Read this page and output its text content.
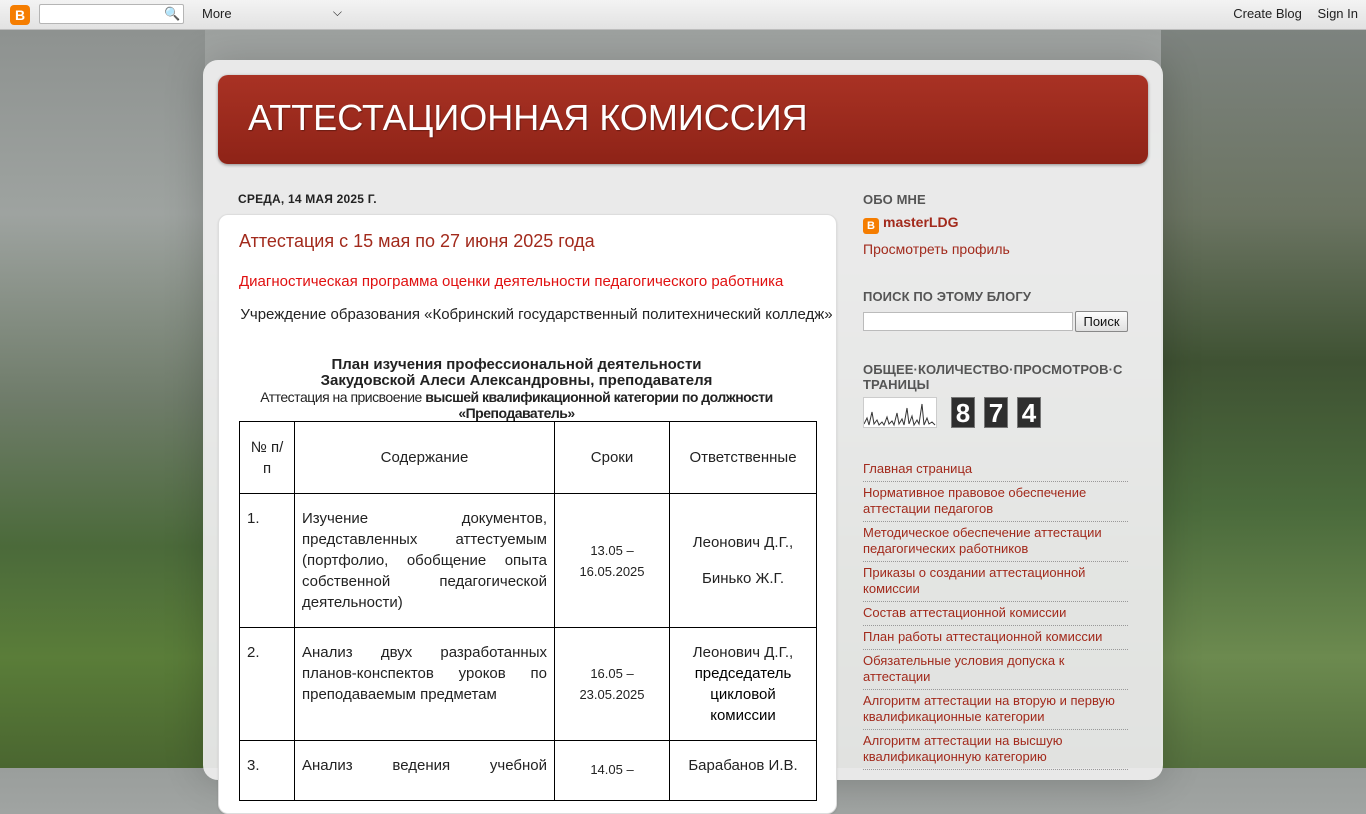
B	🔍 More	⌵	Create Blog Sign In
АТТЕСТАЦИОННАЯ КОМИССИЯ
СРЕДА, 14 МАЯ 2025 Г.
Аттестация с 15 мая по 27 июня 2025 года
Диагностическая программа оценки деятельности педагогического работника
Учреждение образования «Кобринский государственный политехнический колледж»
План изучения профессиональной деятельности
Закудовской Алеси Александровны, преподавателя
Аттестация на присвоение высшей квалификационной категории по должности «Преподаватель»
№ п/п	Содержание	Сроки	Ответственные
1.	Изучение документов, представленных аттестуемым (портфолио, обобщение опыта собственной педагогической деятельности)	13.05 – 16.05.2025	Леонович Д.Г.,
Бинько Ж.Г.

2.	Анализ двух разработанных планов-конспектов уроков по преподаваемым предметам	16.05 – 23.05.2025	Леонович Д.Г.,
председатель цикловой комиссии

3.	Анализ ведения учебной	14.05 –	Барабанов И.В.
ОБО МНЕ
B masterLDG
Просмотреть профиль
ПОИСК ПО ЭТОМУ БЛОГУ
Поиск
ОБЩЕЕ·КОЛИЧЕСТВО·ПРОСМОТРОВ·СТРАНИЦЫ
8 7 4
Главная страница
Нормативное правовое обеспечение аттестации педагогов
Методическое обеспечение аттестации педагогических работников
Приказы о создании аттестационной комиссии
Состав аттестационной комиссии
План работы аттестационной комиссии
Обязательные условия допуска к аттестации
Алгоритм аттестации на вторую и первую квалификационные категории
Алгоритм аттестации на высшую квалификационную категорию
